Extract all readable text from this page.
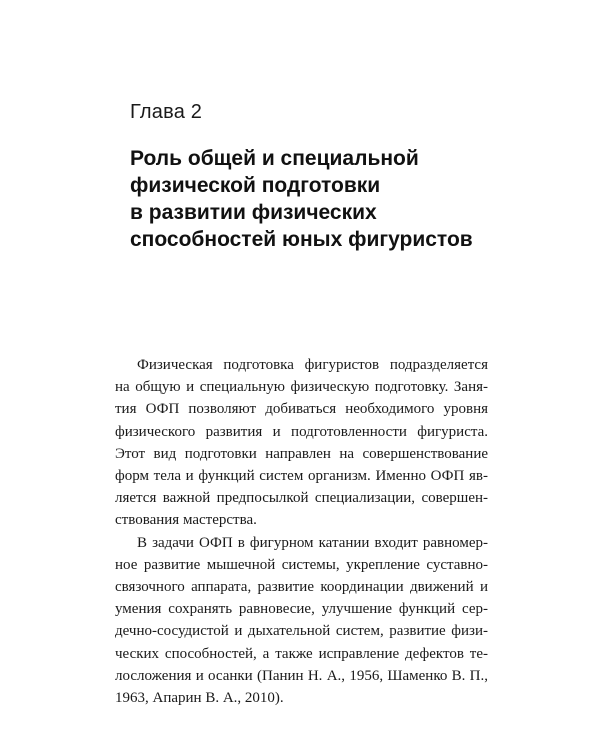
Глава 2
Роль общей и специальной
физической подготовки
в развитии физических
способностей юных фигуристов

Физическая подготовка фигуристов подразделяется
на общую и специальную физическую подготовку. Заня-
тия ОФП позволяют добиваться необходимого уровня
физического развития и подготовленности фигуриста.
Этот вид подготовки направлен на совершенствование
форм тела и функций систем организм. Именно ОФП яв-
ляется важной предпосылкой специализации, совершен-
ствования мастерства.

В задачи ОФП в фигурном катании входит равномер-
ное развитие мышечной системы, укрепление суставно-
связочного аппарата, развитие координации движений и
умения сохранять равновесие, улучшение функций сер-
дечно-сосудистой и дыхательной систем, развитие физи-
ческих способностей, а также исправление дефектов те-
лосложения и осанки (Панин Н. А., 1956, Шаменко В. П.,
1963, Апарин В. А., 2010).
